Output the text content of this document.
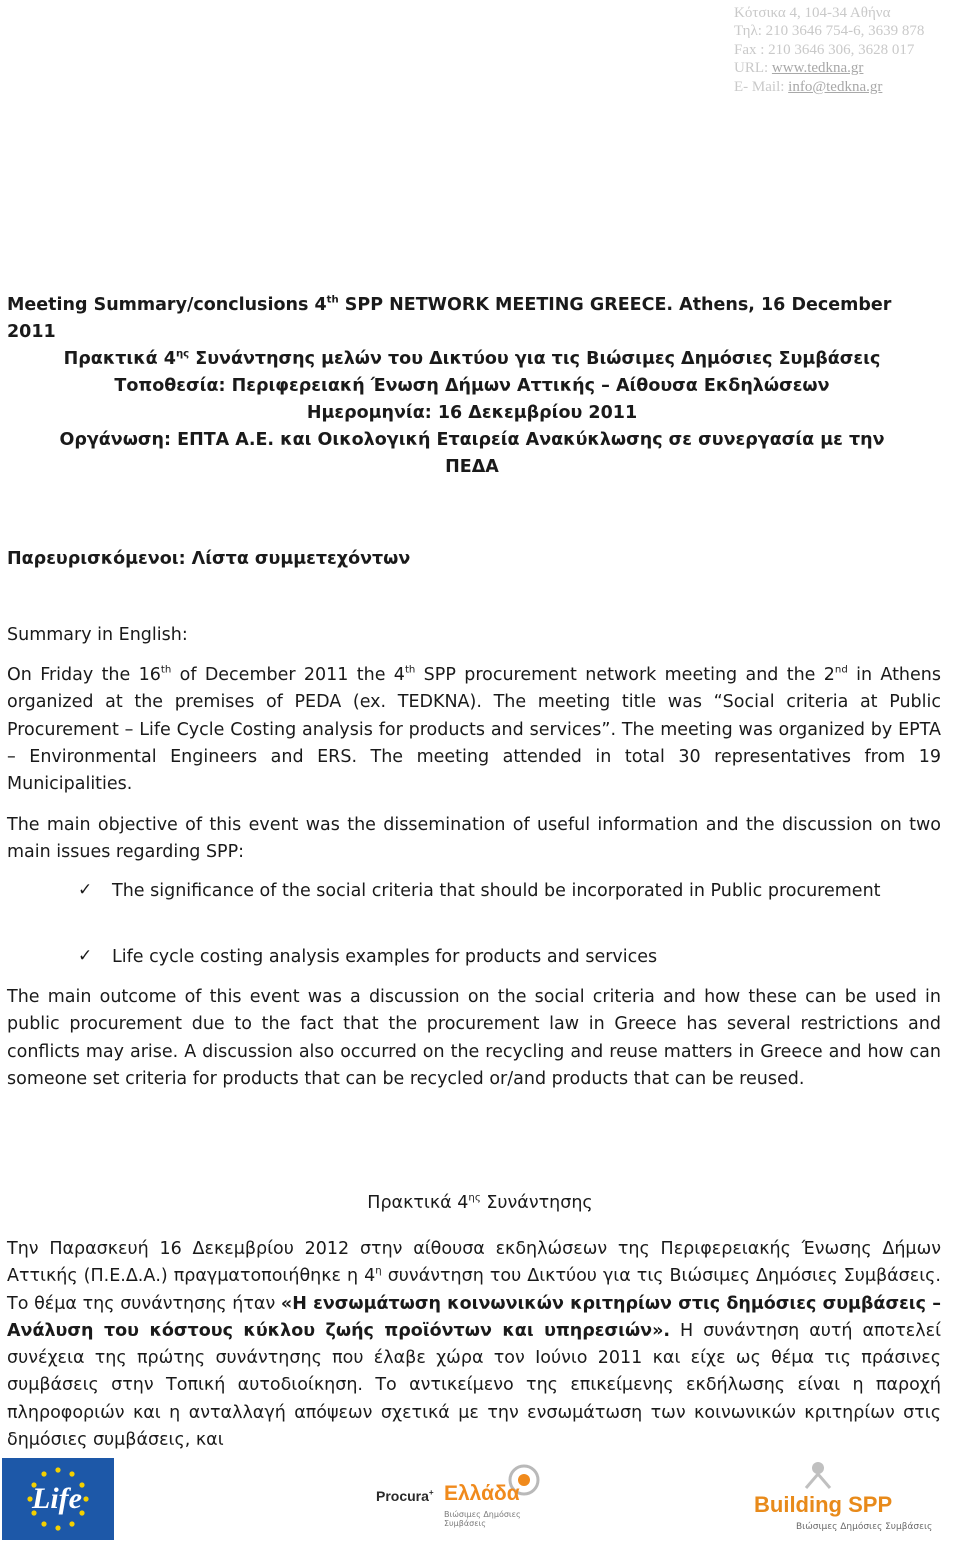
Κότσικα 4, 104-34 Αθήνα
Τηλ: 210 3646 754-6, 3639 878
Fax : 210 3646 306, 3628 017
URL: www.tedkna.gr
E- Mail: info@tedkna.gr
Meeting Summary/conclusions 4th SPP NETWORK MEETING GREECE. Athens, 16 December 2011
Πρακτικά $4^{\eta\varsigma}$ Συνάντησης μελών του Δικτύου για τις Βιώσιμες Δημόσιες Συμβάσεις
Τοποθεσία: Περιφερειακή Ένωση Δήμων Αττικής – Αίθουσα Εκδηλώσεων
Ημερομηνία: 16 Δεκεμβρίου 2011
Οργάνωση: ΕΠΤΑ Α.Ε. και Οικολογική Εταιρεία Ανακύκλωσης σε συνεργασία με την
ΠΕΔΑ
Παρευρισκόμενοι: Λίστα συμμετεχόντων
Summary in English:
On Friday the 16th of December 2011 the 4th SPP procurement network meeting and the 2nd in Athens organized at the premises of PEDA (ex. TEDKNA). The meeting title was “Social criteria at Public Procurement – Life Cycle Costing analysis for products and services”. The meeting was organized by EPTA – Environmental Engineers and ERS. The meeting attended in total 30 representatives from 19 Municipalities.
The main objective of this event was the dissemination of useful information and the discussion on two main issues regarding SPP:
✓ The significance of the social criteria that should be incorporated in Public procurement
✓ Life cycle costing analysis examples for products and services
The main outcome of this event was a discussion on the social criteria and how these can be used in public procurement due to the fact that the procurement law in Greece has several restrictions and conflicts may arise. A discussion also occurred on the recycling and reuse matters in Greece and how can someone set criteria for products that can be recycled or/and products that can be reused.
Πρακτικά $4^{\eta\varsigma}$ Συνάντησης
Την Παρασκευή 16 Δεκεμβρίου 2012 στην αίθουσα εκδηλώσεων της Περιφερειακής Ένωσης Δήμων Αττικής (Π.Ε.Δ.Α.) πραγματοποιήθηκε η $4^\eta$ συνάντηση του Δικτύου για τις Βιώσιμες Δημόσιες Συμβάσεις. Το θέμα της συνάντησης ήταν «Η ενσωμάτωση κοινωνικών κριτηρίων στις δημόσιες συμβάσεις – Ανάλυση του κόστους κύκλου ζωής προϊόντων και υπηρεσιών». Η συνάντηση αυτή αποτελεί συνέχεια της πρώτης συνάντησης που έλαβε χώρα τον Ιούνιο 2011 και είχε ως θέμα τις πράσινες συμβάσεις στην Τοπική αυτοδιοίκηση. Το αντικείμενο της επικείμενης εκδήλωσης είναι η παροχή πληροφοριών και η ανταλλαγή απόψεων σχετικά με την ενσωμάτωση των κοινωνικών κριτηρίων στις δημόσιες συμβάσεις, και
Life	Procura+ Ελλάδα
Βιώσιμες Δημόσιες Συμβάσεις
Building SPP
Βιώσιμες Δημόσιες Συμβάσεις
